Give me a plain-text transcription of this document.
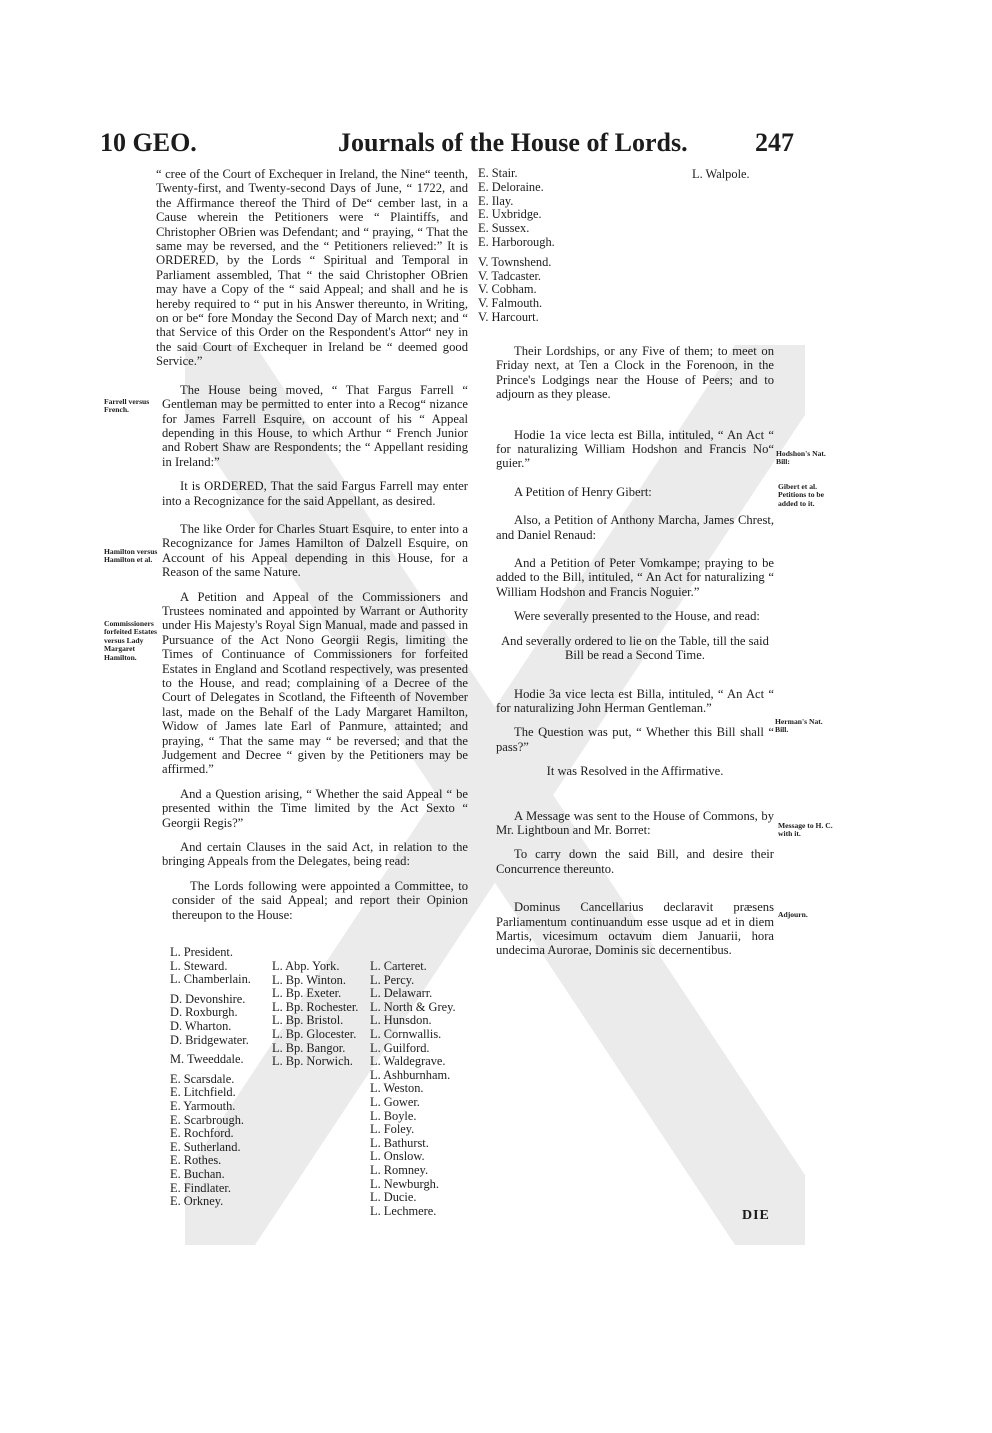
10 GEO.	Journals of the House of Lords.	247
Farrell versus French.
Hamilton versus Hamilton et al.
Commissioners forfeited Estates versus Lady Margaret Hamilton.
Hodshon's Nat. Bill:
Gibert et al. Petitions to be added to it.
Herman's Nat. Bill.
Message to H. C. with it.
Adjourn.

“ cree of the Court of Exchequer in Ireland, the Nine“ teenth, Twenty-first, and Twenty-second Days of June, “ 1722, and the Affirmance thereof the Third of De“ cember last, in a Cause wherein the Petitioners were “ Plaintiffs, and Christopher OBrien was Defendant; and “ praying, “ That the same may be reversed, and the “ Petitioners relieved:” It is ORDERED, by the Lords “ Spiritual and Temporal in Parliament assembled, That “ the said Christopher OBrien may have a Copy of the “ said Appeal; and shall and he is hereby required to “ put in his Answer thereunto, in Writing, on or be“ fore Monday the Second Day of March next; and “ that Service of this Order on the Respondent's Attor“ ney in the said Court of Exchequer in Ireland be “ deemed good Service.”

The House being moved, “ That Fargus Farrell “ Gentleman may be permitted to enter into a Recog“ nizance for James Farrell Esquire, on account of his “ Appeal depending in this House, to which Arthur “ French Junior and Robert Shaw are Respondents; the “ Appellant residing in Ireland:”

It is ORDERED, That the said Fargus Farrell may enter into a Recognizance for the said Appellant, as desired.

The like Order for Charles Stuart Esquire, to enter into a Recognizance for James Hamilton of Dalzell Esquire, on Account of his Appeal depending in this House, for a Reason of the same Nature.

A Petition and Appeal of the Commissioners and Trustees nominated and appointed by Warrant or Authority under His Majesty's Royal Sign Manual, made and passed in Pursuance of the Act Nono Georgii Regis, limiting the Times of Continuance of Commissioners for forfeited Estates in England and Scotland respectively, was presented to the House, and read; complaining of a Decree of the Court of Delegates in Scotland, the Fifteenth of November last, made on the Behalf of the Lady Margaret Hamilton, Widow of James late Earl of Panmure, attainted; and praying, “ That the same may “ be reversed; and that the Judgement and Decree “ given by the Petitioners may be affirmed.”

And a Question arising, “ Whether the said Appeal “ be presented within the Time limited by the Act Sexto “ Georgii Regis?”

And certain Clauses in the said Act, in relation to the bringing Appeals from the Delegates, being read:

The Lords following were appointed a Committee, to consider of the said Appeal; and report their Opinion thereupon to the House:

L. President.
L. Steward.
L. Chamberlain.
D. Devonshire.
D. Roxburgh.
D. Wharton.
D. Bridgewater.
M. Tweeddale.
E. Scarsdale.
E. Litchfield.
E. Yarmouth.
E. Scarbrough.
E. Rochford.
E. Sutherland.
E. Rothes.
E. Buchan.
E. Findlater.
E. Orkney.
L. Abp. York.
L. Bp. Winton.
L. Bp. Exeter.
L. Bp. Rochester.
L. Bp. Bristol.
L. Bp. Glocester.
L. Bp. Bangor.
L. Bp. Norwich.
L. Carteret.
L. Percy.
L. Delawarr.
L. North & Grey.
L. Hunsdon.
L. Cornwallis.
L. Guilford.
L. Waldegrave.
L. Ashburnham.
L. Weston.
L. Gower.
L. Boyle.
L. Foley.
L. Bathurst.
L. Onslow.
L. Romney.
L. Newburgh.
L. Ducie.
L. Lechmere.
E. Stair.
E. Deloraine.
E. Ilay.
E. Uxbridge.
E. Sussex.
E. Harborough.
V. Townshend.
V. Tadcaster.
V. Cobham.
V. Falmouth.
V. Harcourt.
L. Walpole.

Their Lordships, or any Five of them; to meet on Friday next, at Ten a Clock in the Forenoon, in the Prince's Lodgings near the House of Peers; and to adjourn as they please.

Hodie 1a vice lecta est Billa, intituled, “ An Act “ for naturalizing William Hodshon and Francis No“ guier.”

A Petition of Henry Gibert:

Also, a Petition of Anthony Marcha, James Chrest, and Daniel Renaud:

And a Petition of Peter Vomkampe; praying to be added to the Bill, intituled, “ An Act for naturalizing “ William Hodshon and Francis Noguier.”

Were severally presented to the House, and read:

And severally ordered to lie on the Table, till the said Bill be read a Second Time.

Hodie 3a vice lecta est Billa, intituled, “ An Act “ for naturalizing John Herman Gentleman.”

The Question was put, “ Whether this Bill shall “ pass?”

It was Resolved in the Affirmative.

A Message was sent to the House of Commons, by Mr. Lightboun and Mr. Borret:

To carry down the said Bill, and desire their Concurrence thereunto.

Dominus Cancellarius declaravit præsens Parliamentum continuandum esse usque ad et in diem Martis, vicesimum octavum diem Januarii, hora undecima Aurorae, Dominis sic decernentibus.

DIE
